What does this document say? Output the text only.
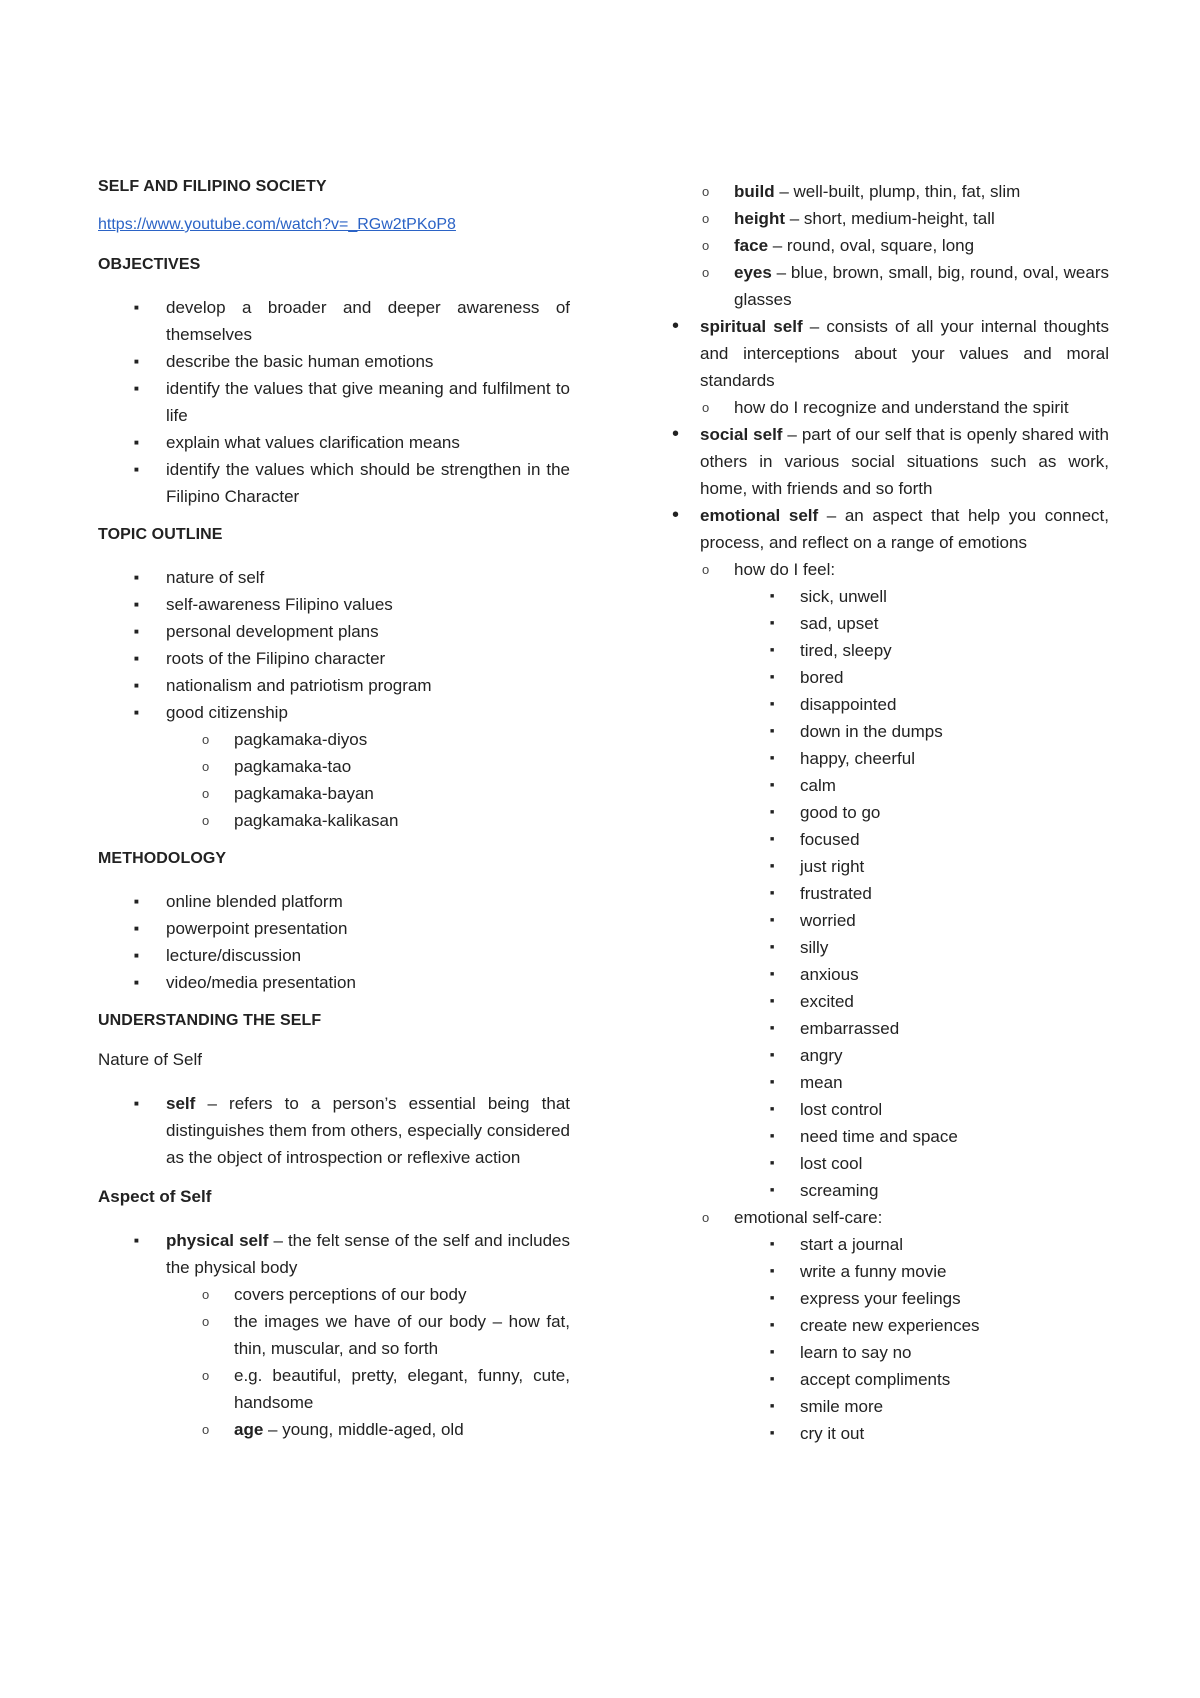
SELF AND FILIPINO SOCIETY
https://www.youtube.com/watch?v=_RGw2tPKoP8
OBJECTIVES
■ develop a broader and deeper awareness of themselves
■ describe the basic human emotions
■ identify the values that give meaning and fulfilment to life
■ explain what values clarification means
■ identify the values which should be strengthen in the Filipino Character
TOPIC OUTLINE
■ nature of self
■ self-awareness Filipino values
■ personal development plans
■ roots of the Filipino character
■ nationalism and patriotism program
■ good citizenship
o pagkamaka-diyos
o pagkamaka-tao
o pagkamaka-bayan
o pagkamaka-kalikasan
METHODOLOGY
■ online blended platform
■ powerpoint presentation
■ lecture/discussion
■ video/media presentation
UNDERSTANDING THE SELF
Nature of Self
■ self – refers to a person’s essential being that distinguishes them from others, especially considered as the object of introspection or reflexive action
Aspect of Self
■ physical self – the felt sense of the self and includes the physical body
o covers perceptions of our body
o the images we have of our body – how fat, thin, muscular, and so forth
o e.g. beautiful, pretty, elegant, funny, cute, handsome
o age – young, middle-aged, old
o build – well-built, plump, thin, fat, slim
o height – short, medium-height, tall
o face – round, oval, square, long
o eyes – blue, brown, small, big, round, oval, wears glasses
• spiritual self – consists of all your internal thoughts and interceptions about your values and moral standards
o how do I recognize and understand the spirit
• social self – part of our self that is openly shared with others in various social situations such as work, home, with friends and so forth
• emotional self – an aspect that help you connect, process, and reflect on a range of emotions
o how do I feel:
■ sick, unwell
■ sad, upset
■ tired, sleepy
■ bored
■ disappointed
■ down in the dumps
■ happy, cheerful
■ calm
■ good to go
■ focused
■ just right
■ frustrated
■ worried
■ silly
■ anxious
■ excited
■ embarrassed
■ angry
■ mean
■ lost control
■ need time and space
■ lost cool
■ screaming
o emotional self-care:
■ start a journal
■ write a funny movie
■ express your feelings
■ create new experiences
■ learn to say no
■ accept compliments
■ smile more
■ cry it out
